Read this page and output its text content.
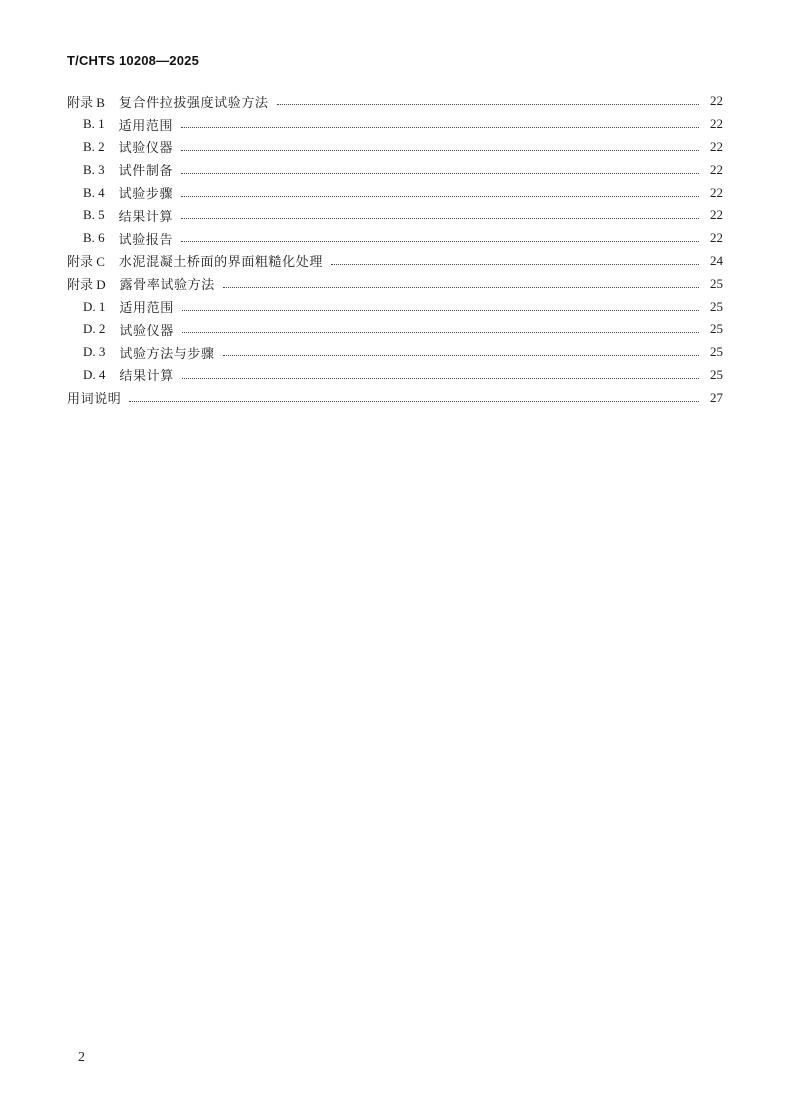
T/CHTS 10208—2025
附录 B 复合件拉拔强度试验方法	22
B. 1 适用范围	22
B. 2 试验仪器	22
B. 3 试件制备	22
B. 4 试验步骤	22
B. 5 结果计算	22
B. 6 试验报告	22
附录 C 水泥混凝土桥面的界面粗糙化处理	24
附录 D 露骨率试验方法	25
D. 1 适用范围	25
D. 2 试验仪器	25
D. 3 试验方法与步骤	25
D. 4 结果计算	25
用词说明	27
2
